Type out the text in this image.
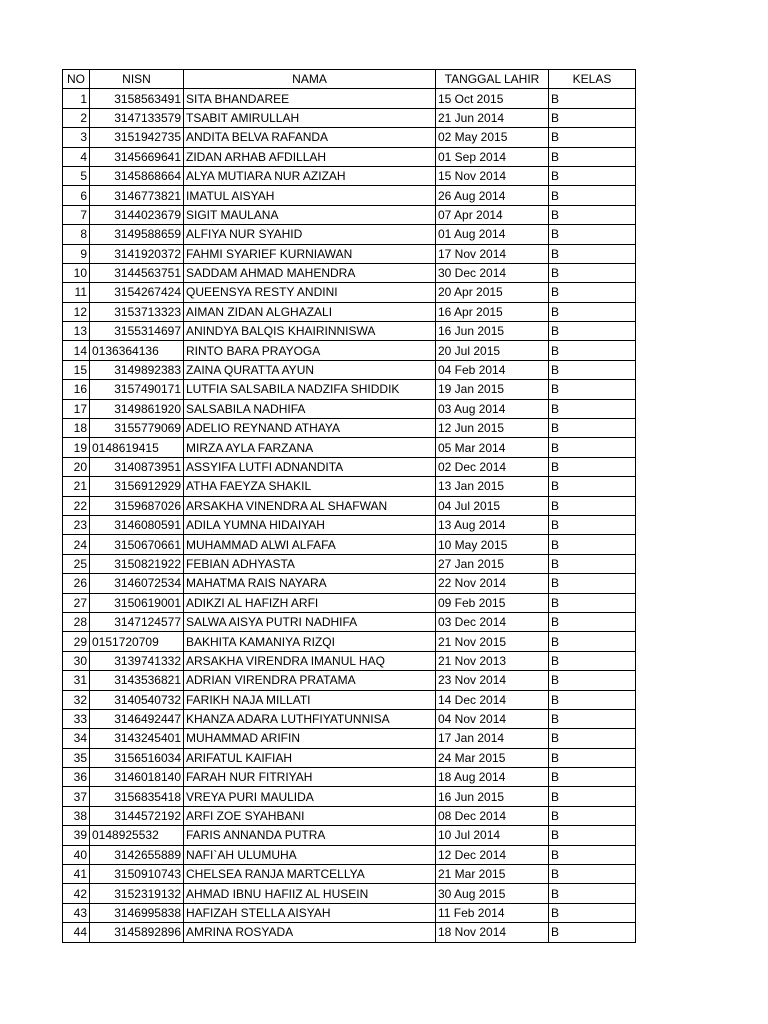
NO	NISN	NAMA	TANGGAL LAHIR	KELAS
1	3158563491	SITA BHANDAREE	15 Oct 2015	B
2	3147133579	TSABIT AMIRULLAH	21 Jun 2014	B
3	3151942735	ANDITA BELVA RAFANDA	02 May 2015	B
4	3145669641	ZIDAN ARHAB AFDILLAH	01 Sep 2014	B
5	3145868664	ALYA MUTIARA NUR AZIZAH	15 Nov 2014	B
6	3146773821	IMATUL AISYAH	26 Aug 2014	B
7	3144023679	SIGIT MAULANA	07 Apr 2014	B
8	3149588659	ALFIYA NUR SYAHID	01 Aug 2014	B
9	3141920372	FAHMI SYARIEF KURNIAWAN	17 Nov 2014	B
10	3144563751	SADDAM AHMAD MAHENDRA	30 Dec 2014	B
11	3154267424	QUEENSYA RESTY ANDINI	20 Apr 2015	B
12	3153713323	AIMAN ZIDAN ALGHAZALI	16 Apr 2015	B
13	3155314697	ANINDYA BALQIS KHAIRINNISWA	16 Jun 2015	B
14	0136364136	RINTO BARA PRAYOGA	20 Jul 2015	B
15	3149892383	ZAINA QURATTA AYUN	04 Feb 2014	B
16	3157490171	LUTFIA SALSABILA NADZIFA SHIDDIK	19 Jan 2015	B
17	3149861920	SALSABILA NADHIFA	03 Aug 2014	B
18	3155779069	ADELIO REYNAND ATHAYA	12 Jun 2015	B
19	0148619415	MIRZA AYLA FARZANA	05 Mar 2014	B
20	3140873951	ASSYIFA LUTFI ADNANDITA	02 Dec 2014	B
21	3156912929	ATHA FAEYZA SHAKIL	13 Jan 2015	B
22	3159687026	ARSAKHA VINENDRA AL SHAFWAN	04 Jul 2015	B
23	3146080591	ADILA YUMNA HIDAIYAH	13 Aug 2014	B
24	3150670661	MUHAMMAD ALWI ALFAFA	10 May 2015	B
25	3150821922	FEBIAN ADHYASTA	27 Jan 2015	B
26	3146072534	MAHATMA RAIS NAYARA	22 Nov 2014	B
27	3150619001	ADIKZI AL HAFIZH ARFI	09 Feb 2015	B
28	3147124577	SALWA AISYA PUTRI NADHIFA	03 Dec 2014	B
29	0151720709	BAKHITA KAMANIYA RIZQI	21 Nov 2015	B
30	3139741332	ARSAKHA VIRENDRA IMANUL HAQ	21 Nov 2013	B
31	3143536821	ADRIAN VIRENDRA PRATAMA	23 Nov 2014	B
32	3140540732	FARIKH NAJA MILLATI	14 Dec 2014	B
33	3146492447	KHANZA ADARA LUTHFIYATUNNISA	04 Nov 2014	B
34	3143245401	MUHAMMAD ARIFIN	17 Jan 2014	B
35	3156516034	ARIFATUL KAIFIAH	24 Mar 2015	B
36	3146018140	FARAH NUR FITRIYAH	18 Aug 2014	B
37	3156835418	VREYA PURI MAULIDA	16 Jun 2015	B
38	3144572192	ARFI ZOE SYAHBANI	08 Dec 2014	B
39	0148925532	FARIS ANNANDA PUTRA	10 Jul 2014	B
40	3142655889	NAFI`AH ULUMUHA	12 Dec 2014	B
41	3150910743	CHELSEA RANJA MARTCELLYA	21 Mar 2015	B
42	3152319132	AHMAD IBNU HAFIIZ AL HUSEIN	30 Aug 2015	B
43	3146995838	HAFIZAH STELLA AISYAH	11 Feb 2014	B
44	3145892896	AMRINA ROSYADA	18 Nov 2014	B
